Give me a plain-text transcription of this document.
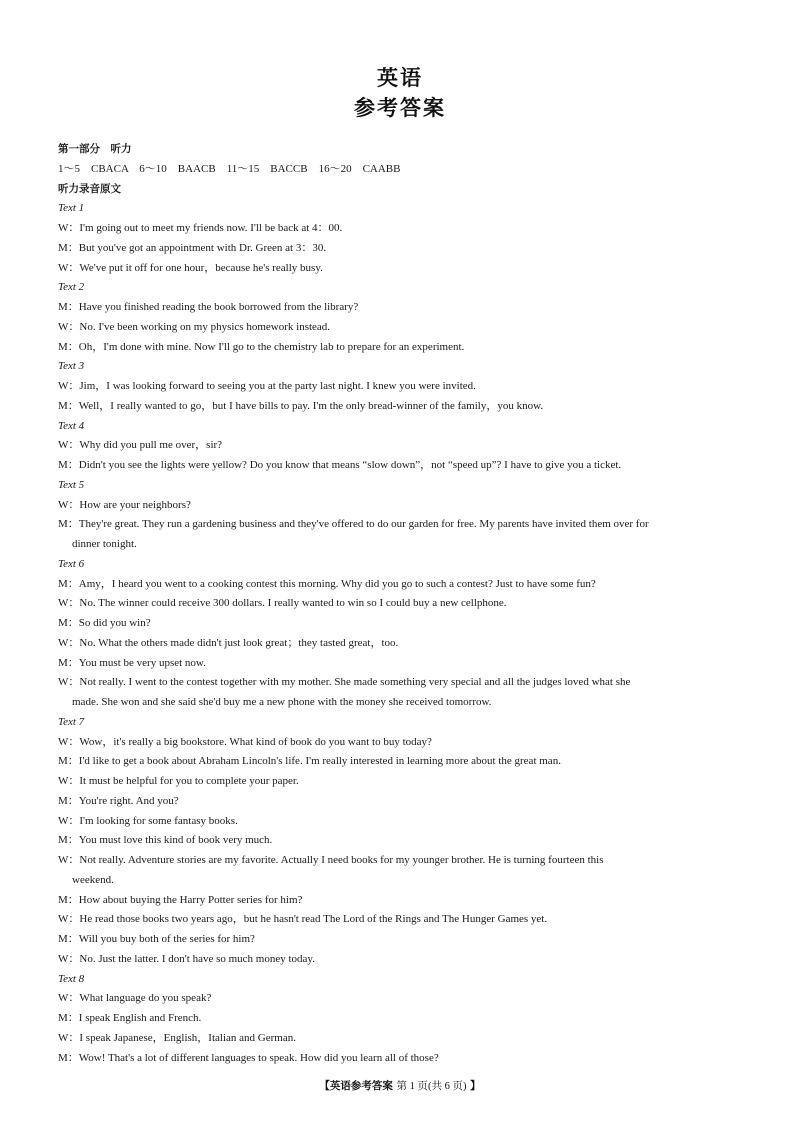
英语
参考答案
第一部分　听力
1～5　CBACA　6～10　BAACB　11～15　BACCB　16～20　CAABB
听力录音原文
Text 1
W：I'm going out to meet my friends now. I'll be back at 4：00.
M：But you've got an appointment with Dr. Green at 3：30.
W：We've put it off for one hour，because he's really busy.
Text 2
M：Have you finished reading the book borrowed from the library?
W：No. I've been working on my physics homework instead.
M：Oh，I'm done with mine. Now I'll go to the chemistry lab to prepare for an experiment.
Text 3
W：Jim，I was looking forward to seeing you at the party last night. I knew you were invited.
M：Well，I really wanted to go，but I have bills to pay. I'm the only bread-winner of the family，you know.
Text 4
W：Why did you pull me over，sir?
M：Didn't you see the lights were yellow? Do you know that means “slow down”，not “speed up”? I have to give you a ticket.
Text 5
W：How are your neighbors?
M：They're great. They run a gardening business and they've offered to do our garden for free. My parents have invited them over for
dinner tonight.
Text 6
M：Amy，I heard you went to a cooking contest this morning. Why did you go to such a contest? Just to have some fun?
W：No. The winner could receive 300 dollars. I really wanted to win so I could buy a new cellphone.
M：So did you win?
W：No. What the others made didn't just look great；they tasted great，too.
M：You must be very upset now.
W：Not really. I went to the contest together with my mother. She made something very special and all the judges loved what she
made. She won and she said she'd buy me a new phone with the money she received tomorrow.
Text 7
W：Wow，it's really a big bookstore. What kind of book do you want to buy today?
M：I'd like to get a book about Abraham Lincoln's life. I'm really interested in learning more about the great man.
W：It must be helpful for you to complete your paper.
M：You're right. And you?
W：I'm looking for some fantasy books.
M：You must love this kind of book very much.
W：Not really. Adventure stories are my favorite. Actually I need books for my younger brother. He is turning fourteen this
weekend.
M：How about buying the Harry Potter series for him?
W：He read those books two years ago，but he hasn't read The Lord of the Rings and The Hunger Games yet.
M：Will you buy both of the series for him?
W：No. Just the latter. I don't have so much money today.
Text 8
W：What language do you speak?
M：I speak English and French.
W：I speak Japanese，English，Italian and German.
M：Wow! That's a lot of different languages to speak. How did you learn all of those?
【英语参考答案 第 1 页(共 6 页) 】
